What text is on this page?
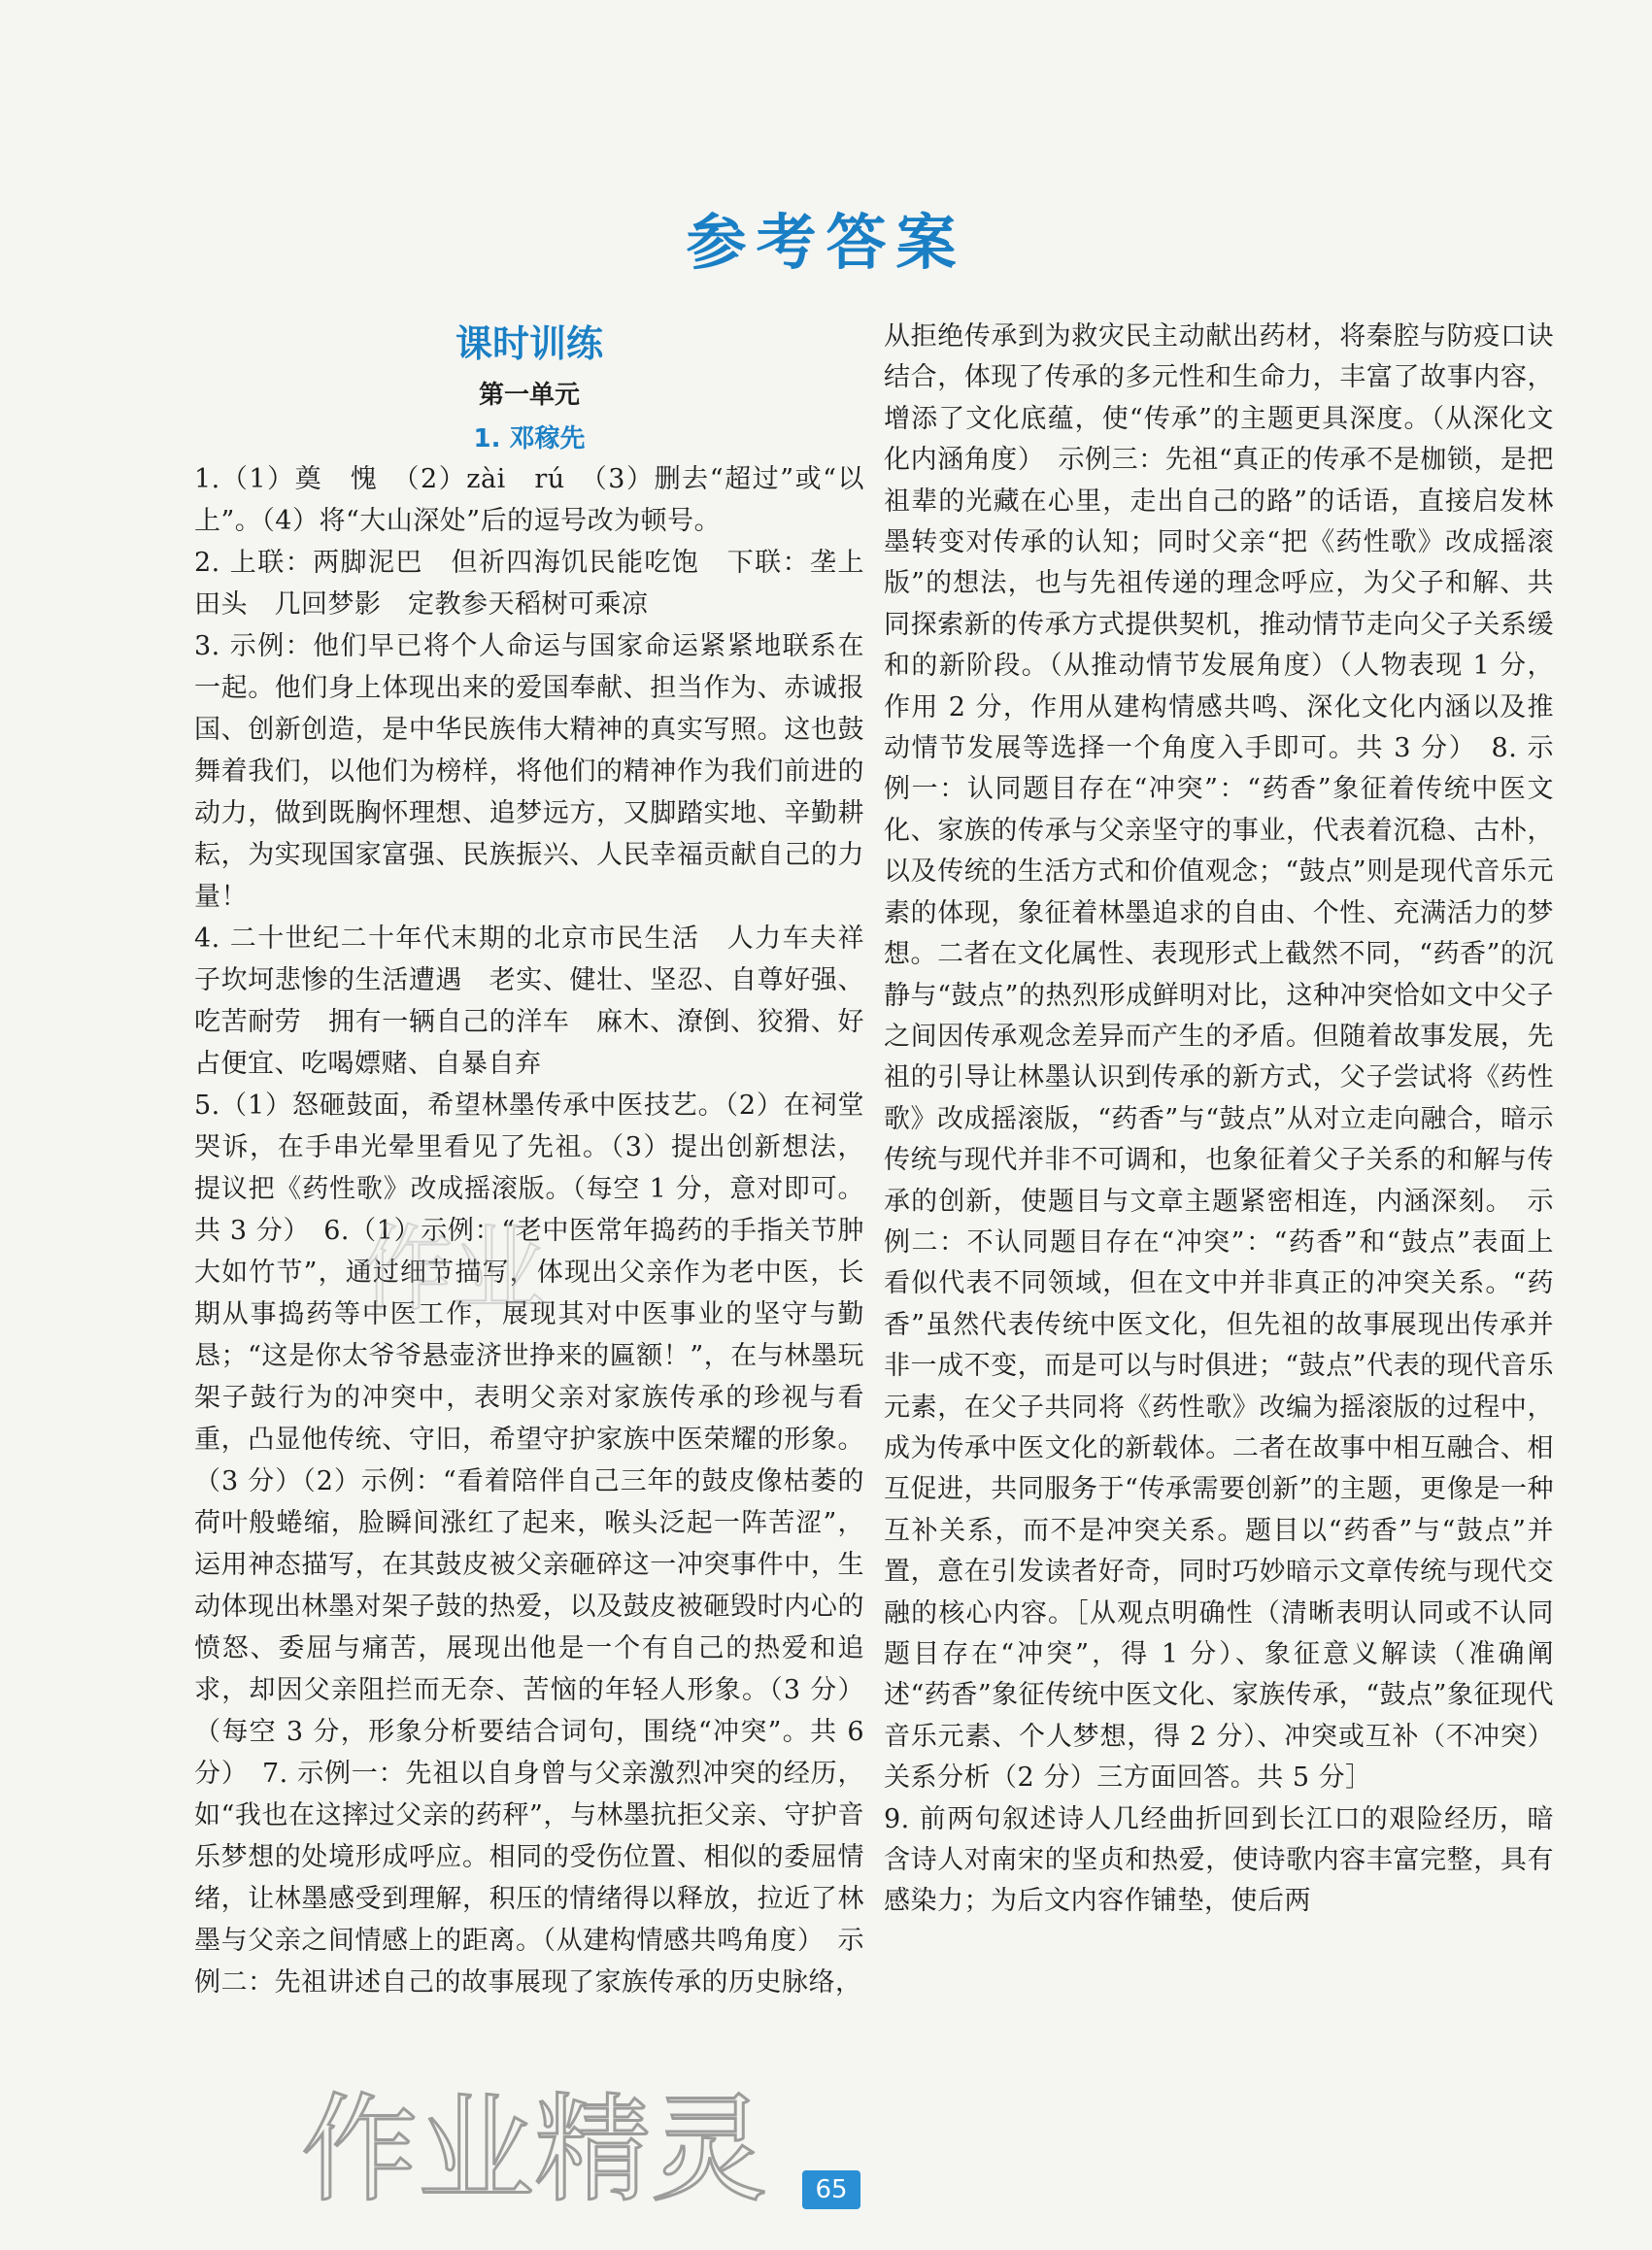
参考答案
课时训练
第一单元
1. 邓稼先

1.（1）奠　愧　（2）zài　rú　（3）删去“超过”或“以上”。（4）将“大山深处”后的逗号改为顿号。

2. 上联：两脚泥巴　但祈四海饥民能吃饱　下联：垄上田头　几回梦影　定教参天稻树可乘凉

3. 示例：他们早已将个人命运与国家命运紧紧地联系在一起。他们身上体现出来的爱国奉献、担当作为、赤诚报国、创新创造，是中华民族伟大精神的真实写照。这也鼓舞着我们，以他们为榜样，将他们的精神作为我们前进的动力，做到既胸怀理想、追梦远方，又脚踏实地、辛勤耕耘，为实现国家富强、民族振兴、人民幸福贡献自己的力量！

4. 二十世纪二十年代末期的北京市民生活　人力车夫祥子坎坷悲惨的生活遭遇　老实、健壮、坚忍、自尊好强、吃苦耐劳　拥有一辆自己的洋车　麻木、潦倒、狡猾、好占便宜、吃喝嫖赌、自暴自弃

5.（1）怒砸鼓面，希望林墨传承中医技艺。（2）在祠堂哭诉，在手串光晕里看见了先祖。（3）提出创新想法，提议把《药性歌》改成摇滚版。（每空 1 分，意对即可。共 3 分）　6.（1）示例：“老中医常年捣药的手指关节肿大如竹节”，通过细节描写，体现出父亲作为老中医，长期从事捣药等中医工作，展现其对中医事业的坚守与勤恳；“这是你太爷爷悬壶济世挣来的匾额！”，在与林墨玩架子鼓行为的冲突中，表明父亲对家族传承的珍视与看重，凸显他传统、守旧，希望守护家族中医荣耀的形象。（3 分）（2）示例：“看着陪伴自己三年的鼓皮像枯萎的荷叶般蜷缩，脸瞬间涨红了起来，喉头泛起一阵苦涩”，运用神态描写，在其鼓皮被父亲砸碎这一冲突事件中，生动体现出林墨对架子鼓的热爱，以及鼓皮被砸毁时内心的愤怒、委屈与痛苦，展现出他是一个有自己的热爱和追求，却因父亲阻拦而无奈、苦恼的年轻人形象。（3 分）（每空 3 分，形象分析要结合词句，围绕“冲突”。共 6 分）　7. 示例一：先祖以自身曾与父亲激烈冲突的经历，如“我也在这摔过父亲的药秤”，与林墨抗拒父亲、守护音乐梦想的处境形成呼应。相同的受伤位置、相似的委屈情绪，让林墨感受到理解，积压的情绪得以释放，拉近了林墨与父亲之间情感上的距离。（从建构情感共鸣角度）　示例二：先祖讲述自己的故事展现了家族传承的历史脉络，

从拒绝传承到为救灾民主动献出药材，将秦腔与防疫口诀结合，体现了传承的多元性和生命力，丰富了故事内容，增添了文化底蕴，使“传承”的主题更具深度。（从深化文化内涵角度）　示例三：先祖“真正的传承不是枷锁，是把祖辈的光藏在心里，走出自己的路”的话语，直接启发林墨转变对传承的认知；同时父亲“把《药性歌》改成摇滚版”的想法，也与先祖传递的理念呼应，为父子和解、共同探索新的传承方式提供契机，推动情节走向父子关系缓和的新阶段。（从推动情节发展角度）（人物表现 1 分，作用 2 分，作用从建构情感共鸣、深化文化内涵以及推动情节发展等选择一个角度入手即可。共 3 分）　8. 示例一：认同题目存在“冲突”：“药香”象征着传统中医文化、家族的传承与父亲坚守的事业，代表着沉稳、古朴，以及传统的生活方式和价值观念；“鼓点”则是现代音乐元素的体现，象征着林墨追求的自由、个性、充满活力的梦想。二者在文化属性、表现形式上截然不同，“药香”的沉静与“鼓点”的热烈形成鲜明对比，这种冲突恰如文中父子之间因传承观念差异而产生的矛盾。但随着故事发展，先祖的引导让林墨认识到传承的新方式，父子尝试将《药性歌》改成摇滚版，“药香”与“鼓点”从对立走向融合，暗示传统与现代并非不可调和，也象征着父子关系的和解与传承的创新，使题目与文章主题紧密相连，内涵深刻。　示例二：不认同题目存在“冲突”：“药香”和“鼓点”表面上看似代表不同领域，但在文中并非真正的冲突关系。“药香”虽然代表传统中医文化，但先祖的故事展现出传承并非一成不变，而是可以与时俱进；“鼓点”代表的现代音乐元素，在父子共同将《药性歌》改编为摇滚版的过程中，成为传承中医文化的新载体。二者在故事中相互融合、相互促进，共同服务于“传承需要创新”的主题，更像是一种互补关系，而不是冲突关系。题目以“药香”与“鼓点”并置，意在引发读者好奇，同时巧妙暗示文章传统与现代交融的核心内容。［从观点明确性（清晰表明认同或不认同题目存在“冲突”，得 1 分）、象征意义解读（准确阐述“药香”象征传统中医文化、家族传承，“鼓点”象征现代音乐元素、个人梦想，得 2 分）、冲突或互补（不冲突）关系分析（2 分）三方面回答。共 5 分］

9. 前两句叙述诗人几经曲折回到长江口的艰险经历，暗含诗人对南宋的坚贞和热爱，使诗歌内容丰富完整，具有感染力；为后文内容作铺垫，使后两

作业
作业精灵	65
